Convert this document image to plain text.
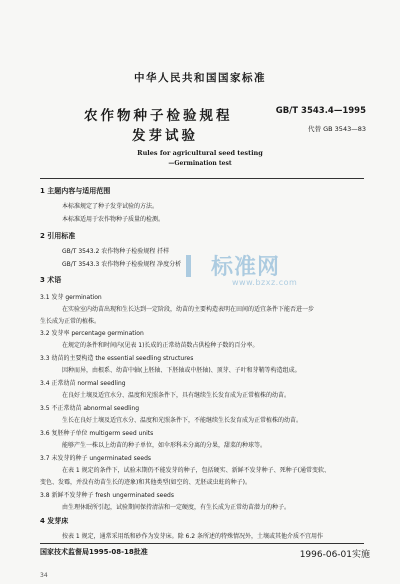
中华人民共和国国家标准
农作物种子检验规程	GB/T 3543.4—1995
发芽试验	代替 GB 3543—83
Rules for agricultural seed testing
—Germination test
标准网
www.bzxz.com
1 主题内容与适用范围
本标准规定了种子发芽试验的方法。
本标准适用于农作物种子质量的检测。
2 引用标准
GB/T 3543.2 农作物种子检验规程 扦样
GB/T 3543.3 农作物种子检验规程 净度分析
3 术语
3.1 发芽 germination
在实验室内幼苗出现和生长达到一定阶段，幼苗的主要构造表明在田间的适宜条件下能否进一步
生长成为正常的植株。
3.2 发芽率 percentage germination
在规定的条件和时间内(见表 1)长成的正常幼苗数占供检种子数的百分率。
3.3 幼苗的主要构造 the essential seedling structures
因种而异，由根系、幼苗中轴(上胚轴、下胚轴或中胚轴)、顶芽、子叶和芽鞘等构造组成。
3.4 正常幼苗 normal seedling
在良好土壤及适宜水分、温度和光照条件下，具有继续生长发育成为正常植株的幼苗。
3.5 不正常幼苗 abnormal seedling
生长在良好土壤及适宜水分、温度和光照条件下，不能继续生长发育成为正常植株的幼苗。
3.6 复胚种子单位 multigerm seed units
能够产生一株以上幼苗的种子单位，如伞形科未分离的分果，甜菜的种球等。
3.7 未发芽的种子 ungerminated seeds
在表 1 规定的条件下，试验末期仍不能发芽的种子，包括硬实、新鲜不发芽种子、死种子(通常变软、
变色、发霉，并没有幼苗生长的迹象)和其他类型(如空的、无胚或虫蛀的种子)。
3.8 新鲜不发芽种子 fresh ungerminated seeds
由生理休眠所引起，试验期间保持清洁和一定硬度，有生长成为正常幼苗潜力的种子。
4 发芽床
按表 1 规定，通常采用纸和砂作为发芽床。除 6.2 条所述的特殊情况外，土壤或其他介质不宜用作
国家技术监督局1995-08-18批准	1996-06-01实施
34
